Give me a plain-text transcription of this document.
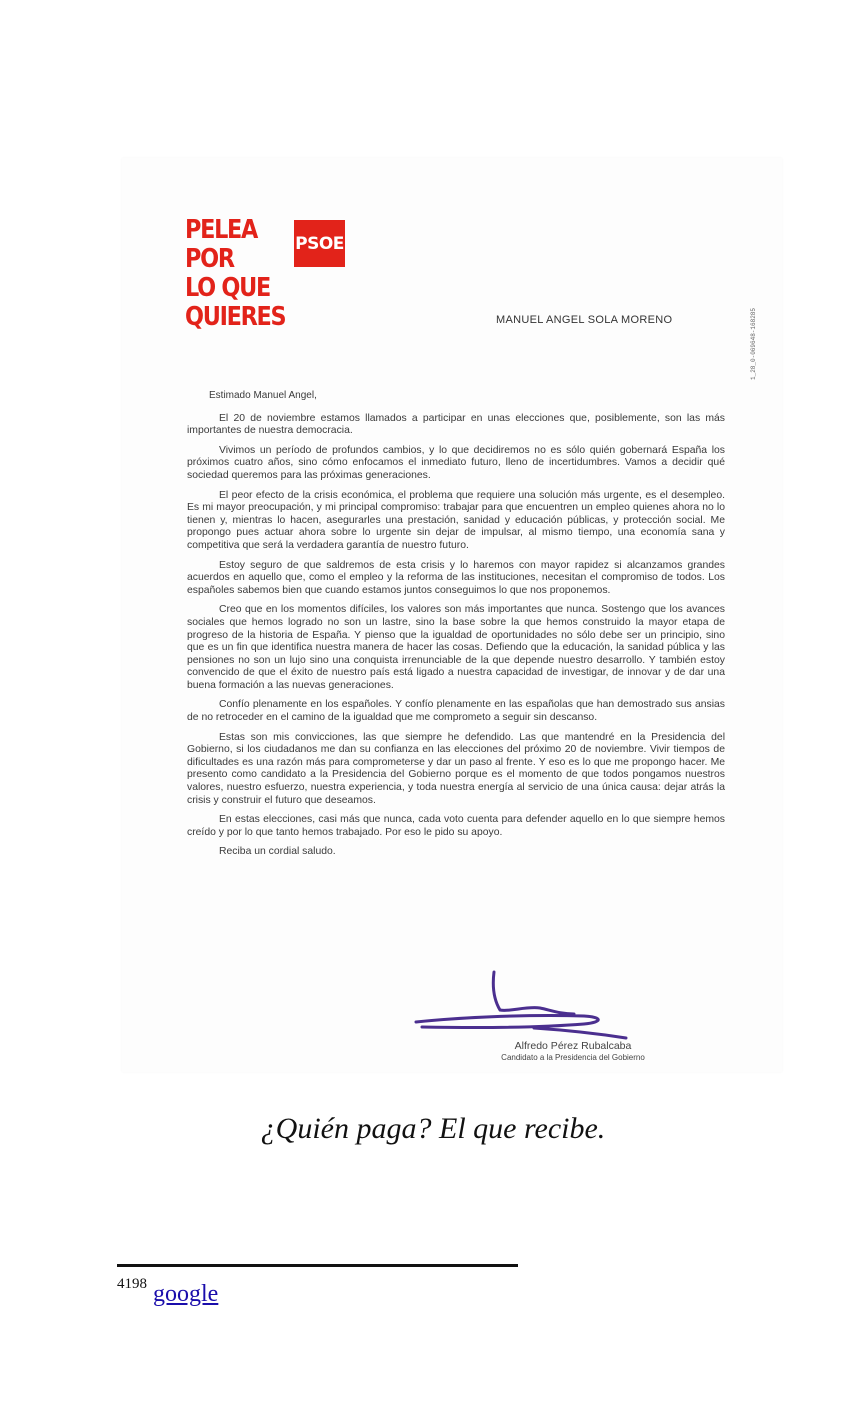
PELEA
POR
LO QUE
QUIERES
PSOE
MANUEL ANGEL SOLA MORENO	1_28_0-069648-168285

Estimado Manuel Angel,

El 20 de noviembre estamos llamados a participar en unas elecciones que, posiblemente, son las más importantes de nuestra democracia.

Vivimos un período de profundos cambios, y lo que decidiremos no es sólo quién gobernará España los próximos cuatro años, sino cómo enfocamos el inmediato futuro, lleno de incertidumbres. Vamos a decidir qué sociedad queremos para las próximas generaciones.

El peor efecto de la crisis económica, el problema que requiere una solución más urgente, es el desempleo. Es mi mayor preocupación, y mi principal compromiso: trabajar para que encuentren un empleo quienes ahora no lo tienen y, mientras lo hacen, asegurarles una prestación, sanidad y educación públicas, y protección social. Me propongo pues actuar ahora sobre lo urgente sin dejar de impulsar, al mismo tiempo, una economía sana y competitiva que será la verdadera garantía de nuestro futuro.

Estoy seguro de que saldremos de esta crisis y lo haremos con mayor rapidez si alcanzamos grandes acuerdos en aquello que, como el empleo y la reforma de las instituciones, necesitan el compromiso de todos. Los españoles sabemos bien que cuando estamos juntos conseguimos lo que nos proponemos.

Creo que en los momentos difíciles, los valores son más importantes que nunca. Sostengo que los avances sociales que hemos logrado no son un lastre, sino la base sobre la que hemos construido la mayor etapa de progreso de la historia de España. Y pienso que la igualdad de oportunidades no sólo debe ser un principio, sino que es un fin que identifica nuestra manera de hacer las cosas. Defiendo que la educación, la sanidad pública y las pensiones no son un lujo sino una conquista irrenunciable de la que depende nuestro desarrollo. Y también estoy convencido de que el éxito de nuestro país está ligado a nuestra capacidad de investigar, de innovar y de dar una buena formación a las nuevas generaciones.

Confío plenamente en los españoles. Y confío plenamente en las españolas que han demostrado sus ansias de no retroceder en el camino de la igualdad que me comprometo a seguir sin descanso.

Estas son mis convicciones, las que siempre he defendido. Las que mantendré en la Presidencia del Gobierno, si los ciudadanos me dan su confianza en las elecciones del próximo 20 de noviembre. Vivir tiempos de dificultades es una razón más para comprometerse y dar un paso al frente. Y eso es lo que me propongo hacer. Me presento como candidato a la Presidencia del Gobierno porque es el momento de que todos pongamos nuestros valores, nuestro esfuerzo, nuestra experiencia, y toda nuestra energía al servicio de una única causa: dejar atrás la crisis y construir el futuro que deseamos.

En estas elecciones, casi más que nunca, cada voto cuenta para defender aquello en lo que siempre hemos creído y por lo que tanto hemos trabajado. Por eso le pido su apoyo.

Reciba un cordial saludo.

Alfredo Pérez Rubalcaba
Candidato a la Presidencia del Gobierno
¿Quién paga? El que recibe.
$^{4198}$ google
